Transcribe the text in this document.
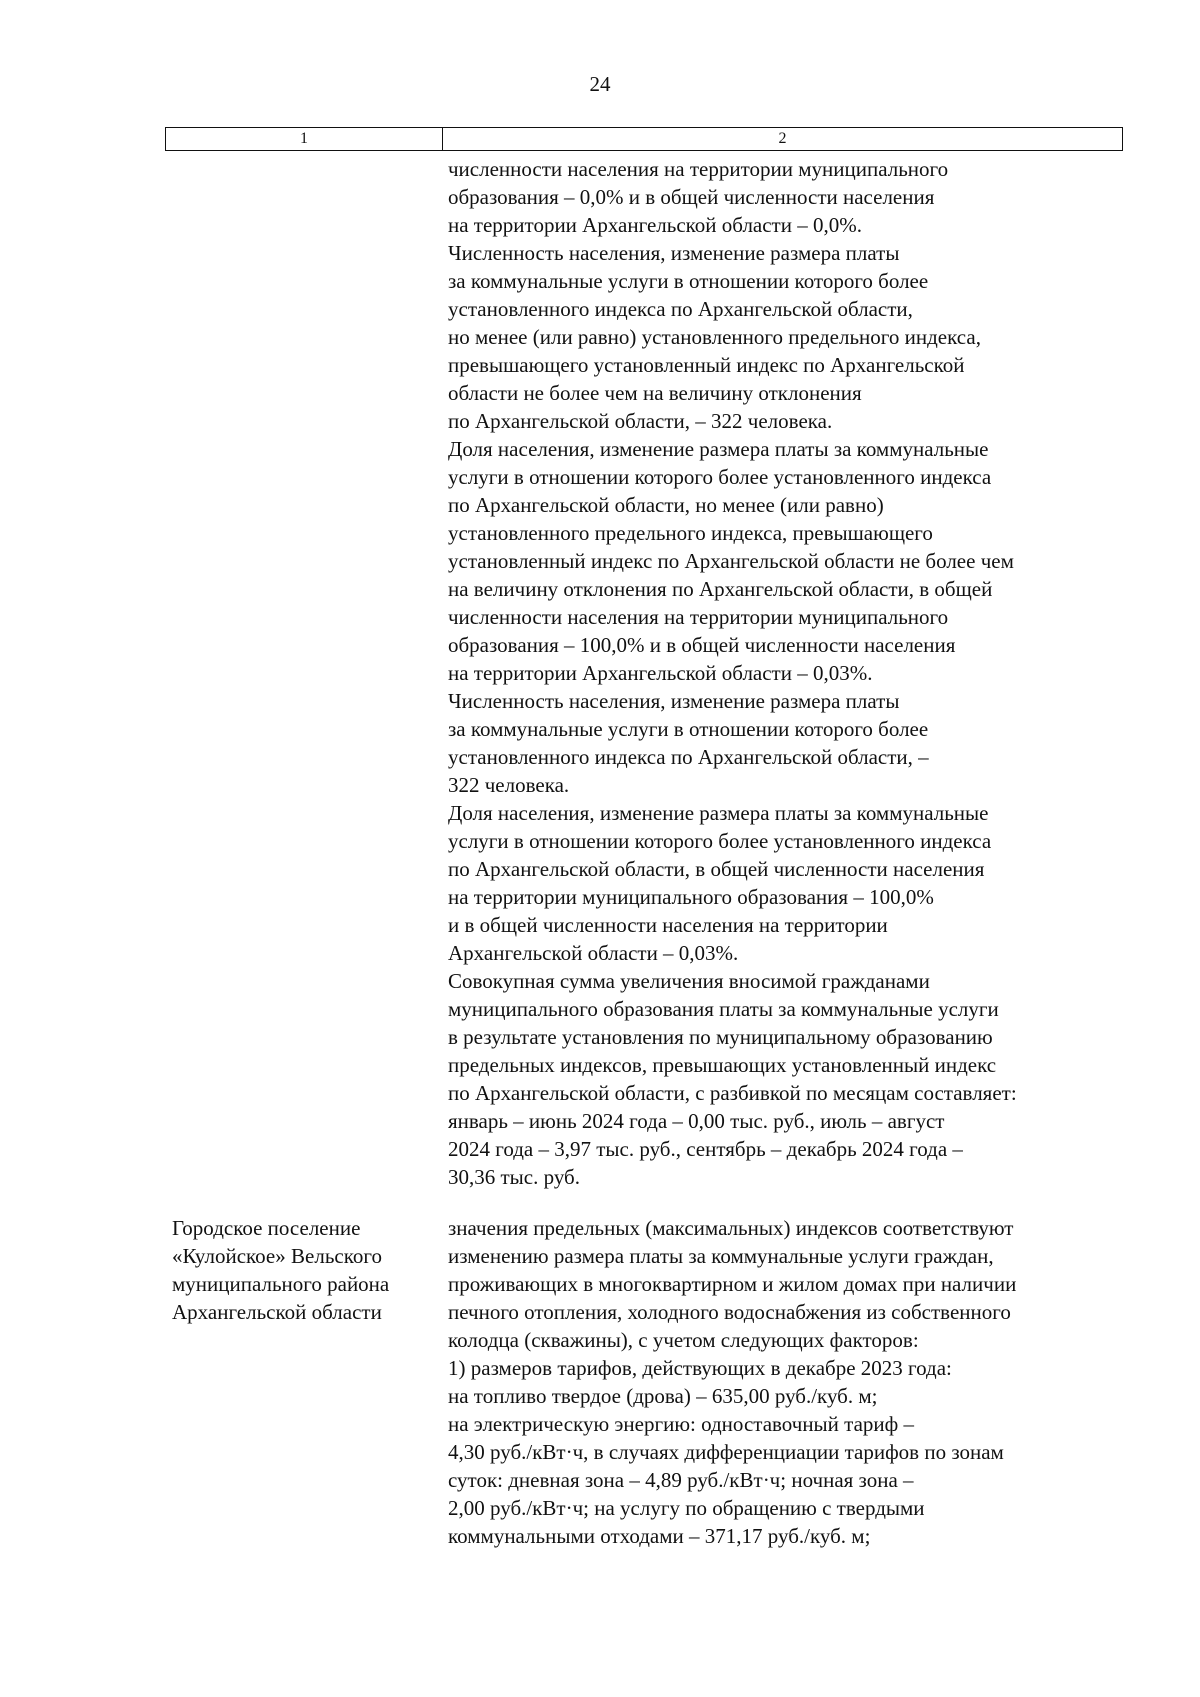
24
1	2
численности населения на территории муниципального
образования – 0,0% и в общей численности населения
на территории Архангельской области – 0,0%.
Численность населения, изменение размера платы
за коммунальные услуги в отношении которого более
установленного индекса по Архангельской области,
но менее (или равно) установленного предельного индекса,
превышающего установленный индекс по Архангельской
области не более чем на величину отклонения
по Архангельской области, – 322 человека.
Доля населения, изменение размера платы за коммунальные
услуги в отношении которого более установленного индекса
по Архангельской области, но менее (или равно)
установленного предельного индекса, превышающего
установленный индекс по Архангельской области не более чем
на величину отклонения по Архангельской области, в общей
численности населения на территории муниципального
образования – 100,0% и в общей численности населения
на территории Архангельской области – 0,03%.
Численность населения, изменение размера платы
за коммунальные услуги в отношении которого более
установленного индекса по Архангельской области, –
322 человека.
Доля населения, изменение размера платы за коммунальные
услуги в отношении которого более установленного индекса
по Архангельской области, в общей численности населения
на территории муниципального образования – 100,0%
и в общей численности населения на территории
Архангельской области – 0,03%.
Совокупная сумма увеличения вносимой гражданами
муниципального образования платы за коммунальные услуги
в результате установления по муниципальному образованию
предельных индексов, превышающих установленный индекс
по Архангельской области, с разбивкой по месяцам составляет:
январь – июнь 2024 года – 0,00 тыс. руб., июль – август
2024 года – 3,97 тыс. руб., сентябрь – декабрь 2024 года –
30,36 тыс. руб.
Городское поселение
«Кулойское» Вельского
муниципального района
Архангельской области
значения предельных (максимальных) индексов соответствуют
изменению размера платы за коммунальные услуги граждан,
проживающих в многоквартирном и жилом домах при наличии
печного отопления, холодного водоснабжения из собственного
колодца (скважины), с учетом следующих факторов:
1) размеров тарифов, действующих в декабре 2023 года:
на топливо твердое (дрова) – 635,00 руб./куб. м;
на электрическую энергию: одноставочный тариф –
4,30 руб./кВт·ч, в случаях дифференциации тарифов по зонам
суток: дневная зона – 4,89 руб./кВт·ч; ночная зона –
2,00 руб./кВт·ч; на услугу по обращению с твердыми
коммунальными отходами – 371,17 руб./куб. м;
